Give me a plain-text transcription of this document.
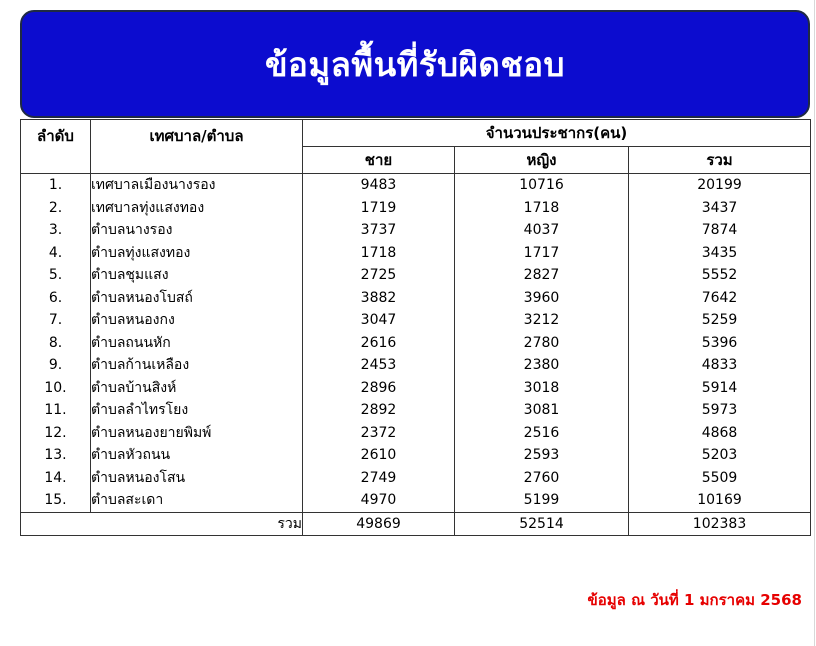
ข้อมูลพื้นที่รับผิดชอบ
ลำดับ	เทศบาล/ตำบล	จำนวนประชากร(คน)		
		ชาย	หญิง	รวม
1.	เทศบาลเมืองนางรอง	9483	10716	20199
2.	เทศบาลทุ่งแสงทอง	1719	1718	3437
3.	ตำบลนางรอง	3737	4037	7874
4.	ตำบลทุ่งแสงทอง	1718	1717	3435
5.	ตำบลชุมแสง	2725	2827	5552
6.	ตำบลหนองโบสถ์	3882	3960	7642
7.	ตำบลหนองกง	3047	3212	5259
8.	ตำบลถนนหัก	2616	2780	5396
9.	ตำบลก้านเหลือง	2453	2380	4833
10.	ตำบลบ้านสิงห์	2896	3018	5914
11.	ตำบลลำไทรโยง	2892	3081	5973
12.	ตำบลหนองยายพิมพ์	2372	2516	4868
13.	ตำบลหัวถนน	2610	2593	5203
14.	ตำบลหนองโสน	2749	2760	5509
15.	ตำบลสะเดา	4970	5199	10169
รวม		49869	52514	102383
ข้อมูล ณ วันที่ 1 มกราคม 2568
